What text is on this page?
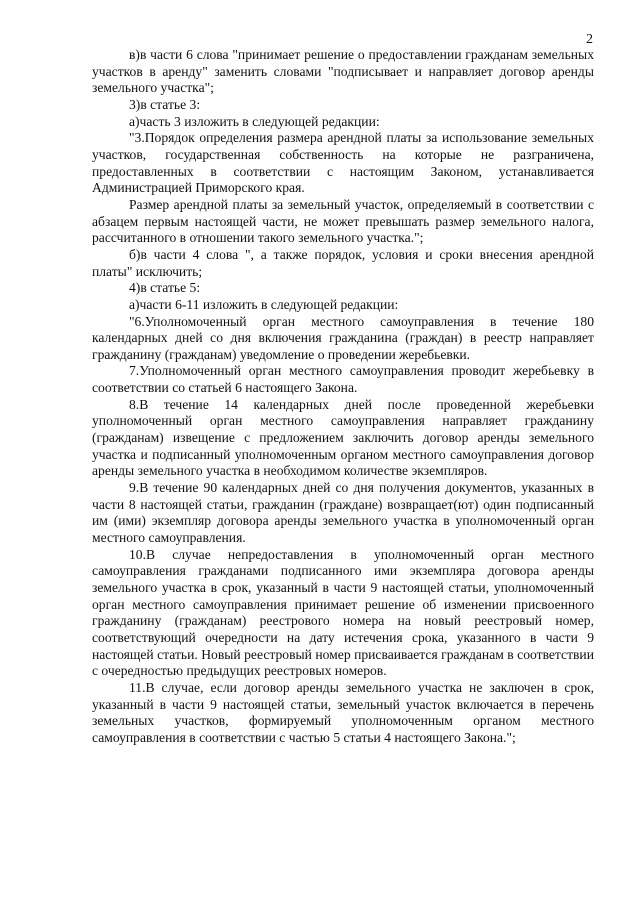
2

в)в части 6 слова "принимает решение о предоставлении гражданам земельных участков в аренду" заменить словами "подписывает и направляет договор аренды земельного участка";

3)в статье 3:

а)часть 3 изложить в следующей редакции:

"3.Порядок определения размера арендной платы за использование земельных участков, государственная собственность на которые не разграничена, предоставленных в соответствии с настоящим Законом, устанавливается Администрацией Приморского края.

Размер арендной платы за земельный участок, определяемый в соответствии с абзацем первым настоящей части, не может превышать размер земельного налога, рассчитанного в отношении такого земельного участка.";

б)в части 4 слова ", а также порядок, условия и сроки внесения арендной платы" исключить;

4)в статье 5:

а)части 6-11 изложить в следующей редакции:

"6.Уполномоченный орган местного самоуправления в течение 180 календарных дней со дня включения гражданина (граждан) в реестр направляет гражданину (гражданам) уведомление о проведении жеребьевки.

7.Уполномоченный орган местного самоуправления проводит жеребьевку в соответствии со статьей 6 настоящего Закона.

8.В течение 14 календарных дней после проведенной жеребьевки уполномоченный орган местного самоуправления направляет гражданину (гражданам) извещение с предложением заключить договор аренды земельного участка и подписанный уполномоченным органом местного самоуправления договор аренды земельного участка в необходимом количестве экземпляров.

9.В течение 90 календарных дней со дня получения документов, указанных в части 8 настоящей статьи, гражданин (граждане) возвращает(ют) один подписанный им (ими) экземпляр договора аренды земельного участка в уполномоченный орган местного самоуправления.

10.В случае непредоставления в уполномоченный орган местного самоуправления гражданами подписанного ими экземпляра договора аренды земельного участка в срок, указанный в части 9 настоящей статьи, уполномоченный орган местного самоуправления принимает решение об изменении присвоенного гражданину (гражданам) реестрового номера на новый реестровый номер, соответствующий очередности на дату истечения срока, указанного в части 9 настоящей статьи. Новый реестровый номер присваивается гражданам в соответствии с очередностью предыдущих реестровых номеров.

11.В случае, если договор аренды земельного участка не заключен в срок, указанный в части 9 настоящей статьи, земельный участок включается в перечень земельных участков, формируемый уполномоченным органом местного самоуправления в соответствии с частью 5 статьи 4 настоящего Закона.";
